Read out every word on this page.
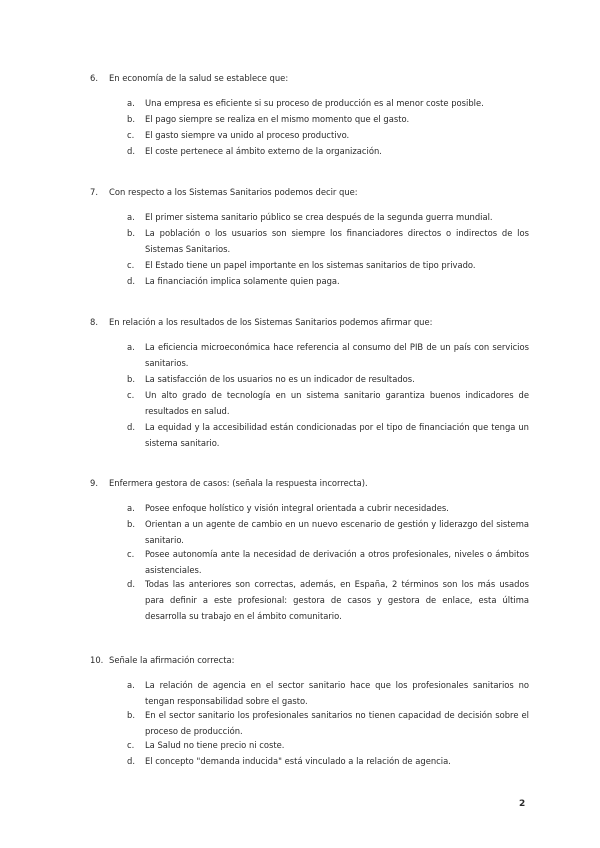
6. En economía de la salud se establece que:
a.	Una empresa es eficiente si su proceso de producción es al menor coste posible.
b.	El pago siempre se realiza en el mismo momento que el gasto.
c.	El gasto siempre va unido al proceso productivo.
d.	El coste pertenece al ámbito externo de la organización.
7. Con respecto a los Sistemas Sanitarios podemos decir que:
a.	El primer sistema sanitario público se crea después de la segunda guerra mundial.
b.	La población o los usuarios son siempre los financiadores directos o indirectos de los Sistemas Sanitarios.
c.	El Estado tiene un papel importante en los sistemas sanitarios de tipo privado.
d.	La financiación implica solamente quien paga.
8. En relación a los resultados de los Sistemas Sanitarios podemos afirmar que:
a.	La eficiencia microeconómica hace referencia al consumo del PIB de un país con servicios sanitarios.
b.	La satisfacción de los usuarios no es un indicador de resultados.
c.	Un alto grado de tecnología en un sistema sanitario garantiza buenos indicadores de resultados en salud.
d.	La equidad y la accesibilidad están condicionadas por el tipo de financiación que tenga un sistema sanitario.
9. Enfermera gestora de casos: (señala la respuesta incorrecta).
a.	Posee enfoque holístico y visión integral orientada a cubrir necesidades.
b.	Orientan a un agente de cambio en un nuevo escenario de gestión y liderazgo del sistema sanitario.
c.	Posee autonomía ante la necesidad de derivación a otros profesionales, niveles o ámbitos asistenciales.
d.	Todas las anteriores son correctas, además, en España, 2 términos son los más usados para definir a este profesional: gestora de casos y gestora de enlace, esta última desarrolla su trabajo en el ámbito comunitario.
10. Señale la afirmación correcta:
a.	La relación de agencia en el sector sanitario hace que los profesionales sanitarios no tengan responsabilidad sobre el gasto.
b.	En el sector sanitario los profesionales sanitarios no tienen capacidad de decisión sobre el proceso de producción.
c.	La Salud no tiene precio ni coste.
d.	El concepto "demanda inducida" está vinculado a la relación de agencia.
2
